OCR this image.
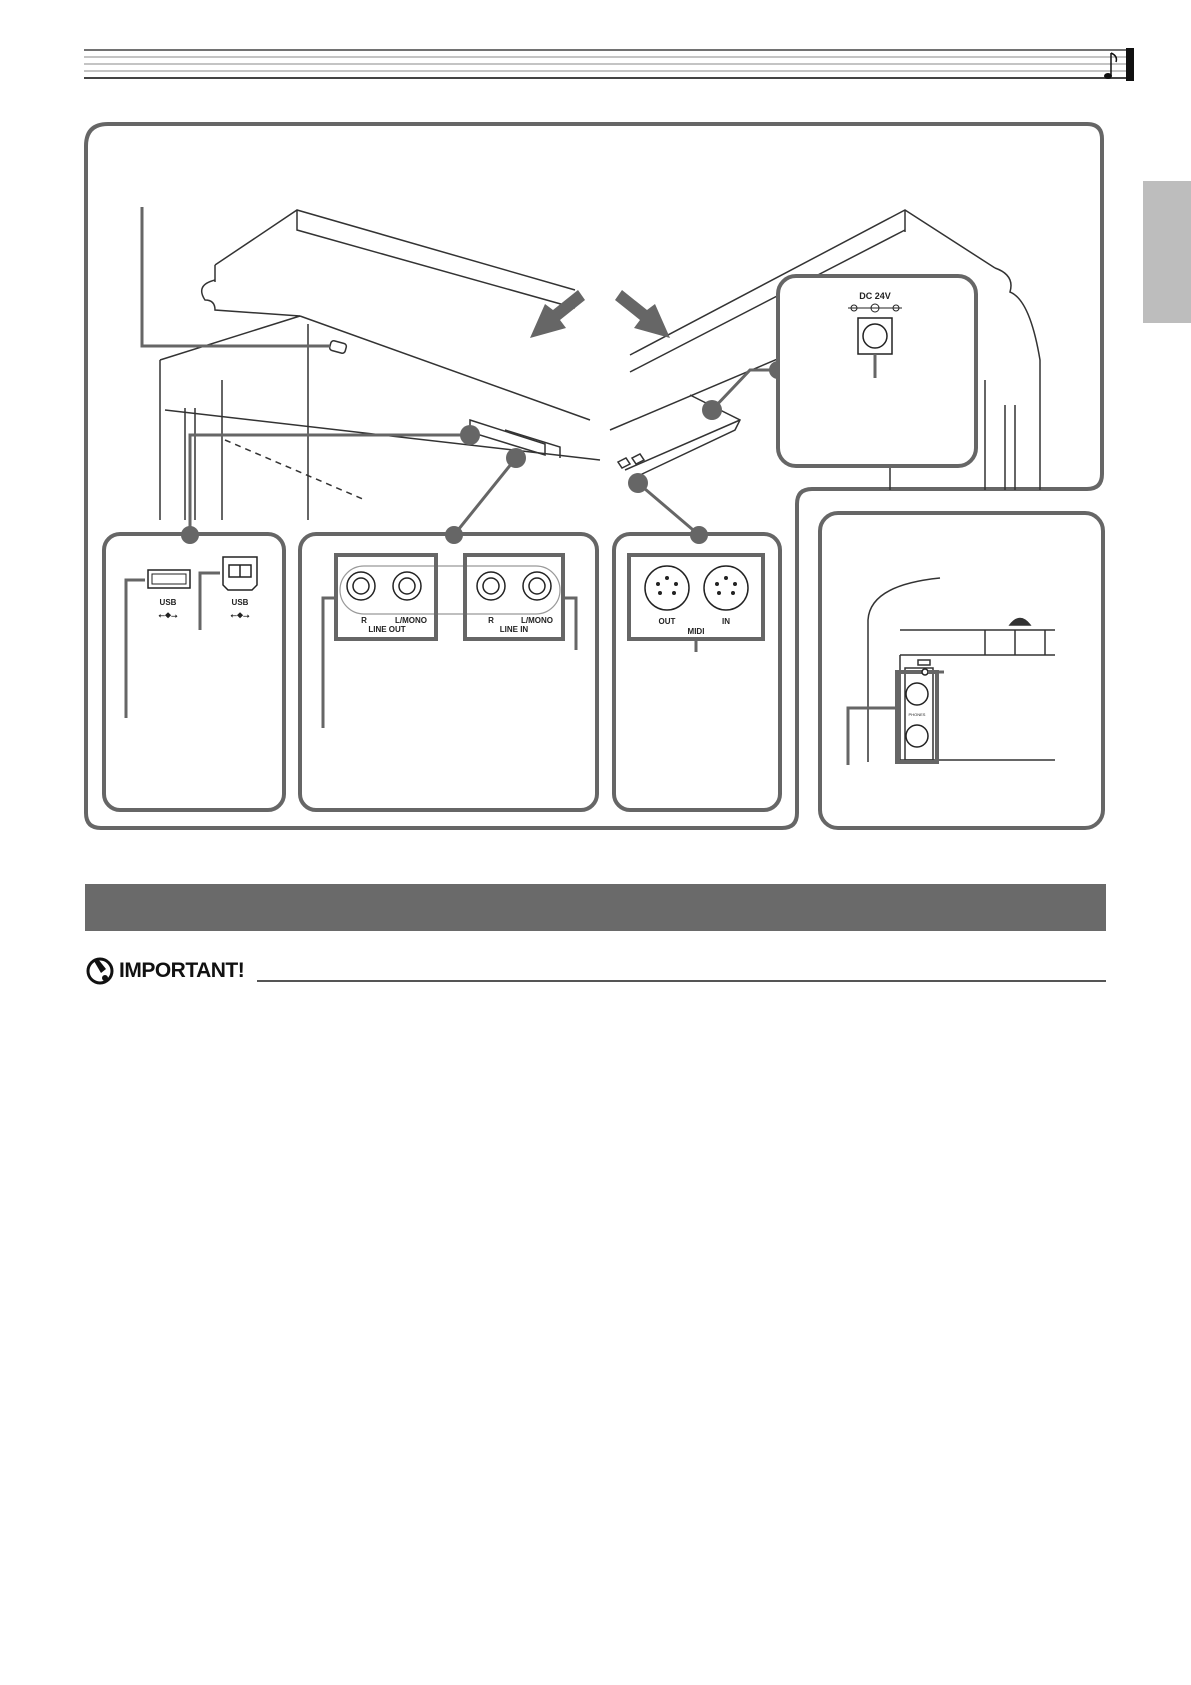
DC 24V
USB
⭠◆⭢
USB
⭠◆⭢
R	L/MONO
LINE OUT
R	L/MONO
LINE IN
OUT	IN
MIDI
PHONES
IMPORTANT!
